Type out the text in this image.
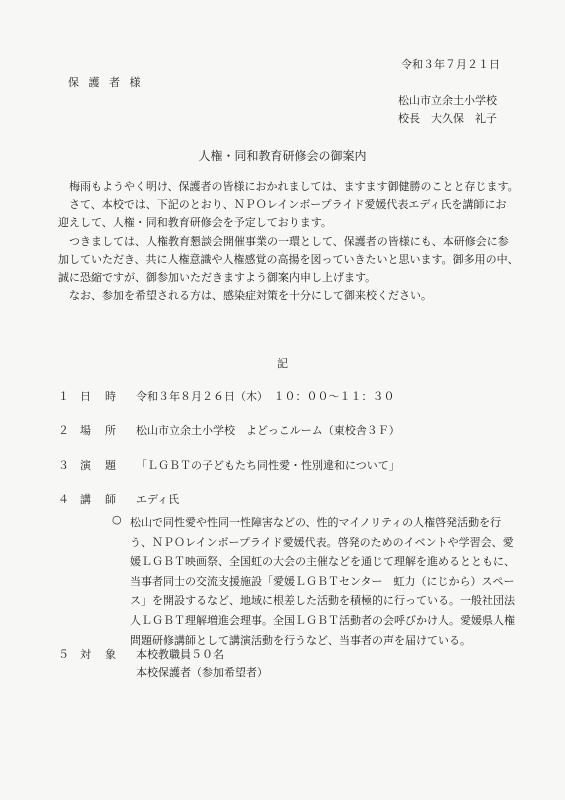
令和３年７月２１日
保 護 者 様
松山市立余土小学校
校長　大久保　礼子
人権・同和教育研修会の御案内

梅雨もようやく明け、保護者の皆様におかれましては、ますます御健勝のことと存じます。

さて、本校では、下記のとおり、ＮＰＯレインボープライド愛媛代表エディ氏を講師にお

迎えして、人権・同和教育研修会を予定しております。

つきましては、人権教育懇談会開催事業の一環として、保護者の皆様にも、本研修会に参

加していただき、共に人権意識や人権感覚の高揚を図っていきたいと思います。御多用の中、

誠に恐縮ですが、御参加いただきますよう御案内申し上げます。

なお、参加を希望される方は、感染症対策を十分にして御来校ください。

記
１ 日時 令和３年８月２６日（木）　１０：００～１１：３０
２ 場所 松山市立余土小学校　よどっこルーム（東校舎３Ｆ）
３ 演題 「ＬＧＢＴの子どもたち同性愛・性別違和について」
４ 講師 エディ氏
○ 松山で同性愛や性同一性障害などの、性的マイノリティの人権啓発活動を行

う、ＮＰＯレインボープライド愛媛代表。啓発のためのイベントや学習会、愛

媛ＬＧＢＴ映画祭、全国虹の大会の主催などを通じて理解を進めるとともに、

当事者同士の交流支援施設「愛媛ＬＧＢＴセンター　虹力（にじから）スペー

ス」を開設するなど、地域に根差した活動を積極的に行っている。一般社団法

人ＬＧＢＴ理解増進会理事。全国ＬＧＢＴ活動者の会呼びかけ人。愛媛県人権

問題研修講師として講演活動を行うなど、当事者の声を届けている。

５ 対象 本校教職員５０名
本校保護者（参加希望者）
